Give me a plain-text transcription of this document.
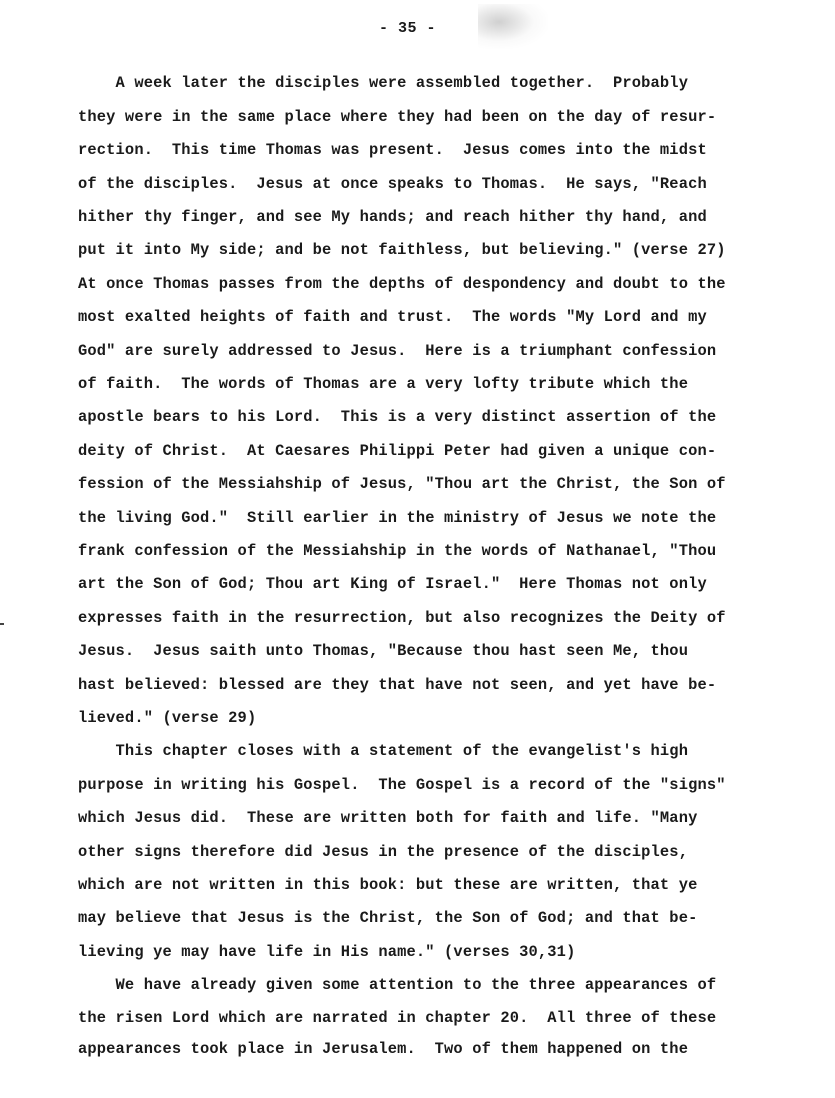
- 35 -
A week later the disciples were assembled together.  Probably
they were in the same place where they had been on the day of resur-
rection.  This time Thomas was present.  Jesus comes into the midst
of the disciples.  Jesus at once speaks to Thomas.  He says, "Reach
hither thy finger, and see My hands; and reach hither thy hand, and
put it into My side; and be not faithless, but believing." (verse 27)
At once Thomas passes from the depths of despondency and doubt to the
most exalted heights of faith and trust.  The words "My Lord and my
God" are surely addressed to Jesus.  Here is a triumphant confession
of faith.  The words of Thomas are a very lofty tribute which the
apostle bears to his Lord.  This is a very distinct assertion of the
deity of Christ.  At Caesares Philippi Peter had given a unique con-
fession of the Messiahship of Jesus, "Thou art the Christ, the Son of
the living God."  Still earlier in the ministry of Jesus we note the
frank confession of the Messiahship in the words of Nathanael, "Thou
art the Son of God; Thou art King of Israel."  Here Thomas not only
expresses faith in the resurrection, but also recognizes the Deity of
Jesus.  Jesus saith unto Thomas, "Because thou hast seen Me, thou
hast believed: blessed are they that have not seen, and yet have be-
lieved." (verse 29)
This chapter closes with a statement of the evangelist's high
purpose in writing his Gospel.  The Gospel is a record of the "signs"
which Jesus did.  These are written both for faith and life. "Many
other signs therefore did Jesus in the presence of the disciples,
which are not written in this book: but these are written, that ye
may believe that Jesus is the Christ, the Son of God; and that be-
lieving ye may have life in His name." (verses 30,31)
We have already given some attention to the three appearances of
the risen Lord which are narrated in chapter 20.  All three of these
appearances took place in Jerusalem.  Two of them happened on the
